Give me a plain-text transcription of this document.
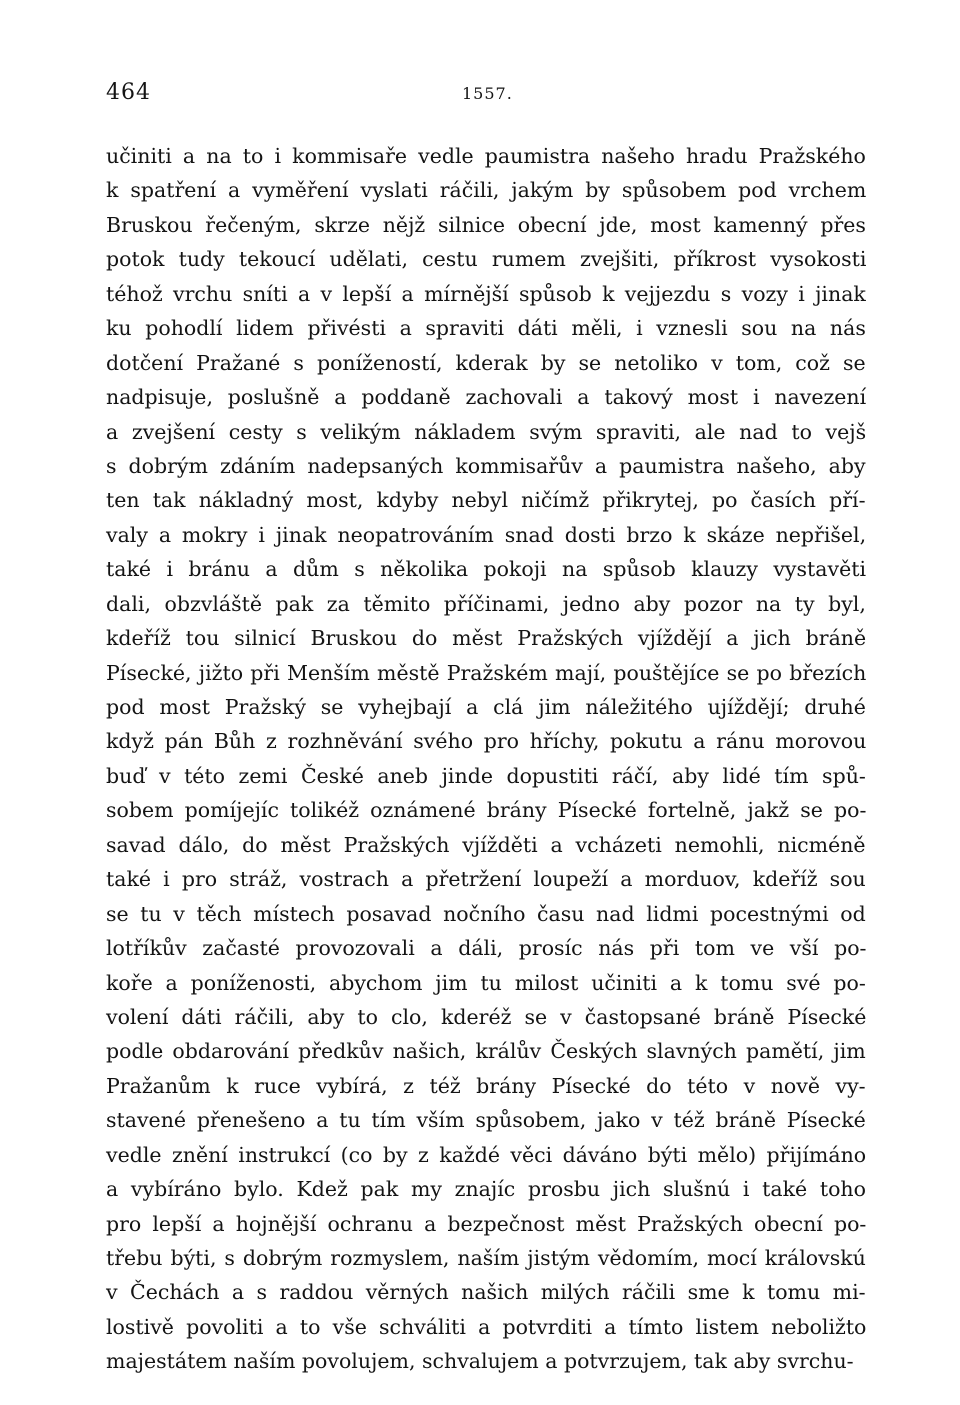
464	1557.
učiniti a na to i kommisaře vedle paumistra našeho hradu Pražského
k spatření a vyměření vyslati ráčili, jakým by spůsobem pod vrchem
Bruskou řečeným, skrze nějž silnice obecní jde, most kamenný přes
potok tudy tekoucí udělati, cestu rumem zvejšiti, příkrost vysokosti
téhož vrchu sníti a v lepší a mírnější spůsob k vejjezdu s vozy i jinak
ku pohodlí lidem přivésti a spraviti dáti měli, i vznesli sou na nás
dotčení Pražané s ponížeností, kderak by se netoliko v tom, což se
nadpisuje, poslušně a poddaně zachovali a takový most i navezení
a zvejšení cesty s velikým nákladem svým spraviti, ale nad to vejš
s dobrým zdáním nadepsaných kommisařův a paumistra našeho, aby
ten tak nákladný most, kdyby nebyl ničímž přikrytej, po časích pří-
valy a mokry i jinak neopatrováním snad dosti brzo k skáze nepřišel,
také i bránu a dům s několika pokoji na spůsob klauzy vystavěti
dali, obzvláště pak za těmito příčinami, jedno aby pozor na ty byl,
kdeříž tou silnicí Bruskou do měst Pražských vjíždějí a jich bráně
Písecké, jižto při Menším městě Pražském mají, pouštějíce se po březích
pod most Pražský se vyhejbají a clá jim náležitého ujíždějí; druhé
když pán Bůh z rozhněvání svého pro hříchy, pokutu a ránu morovou
buď v této zemi České aneb jinde dopustiti ráčí, aby lidé tím spů-
sobem pomíjejíc tolikéž oznámené brány Písecké fortelně, jakž se po-
savad dálo, do měst Pražských vjížděti a vcházeti nemohli, nicméně
také i pro stráž, vostrach a přetržení loupeží a morduov, kdeříž sou
se tu v těch místech posavad nočního času nad lidmi pocestnými od
lotříkův začasté provozovali a dáli, prosíc nás při tom ve vší po-
koře a poníženosti, abychom jim tu milost učiniti a k tomu své po-
volení dáti ráčili, aby to clo, kderéž se v častopsané bráně Písecké
podle obdarování předkův našich, králův Českých slavných pamětí, jim
Pražanům k ruce vybírá, z též brány Písecké do této v nově vy-
stavené přenešeno a tu tím vším spůsobem, jako v též bráně Písecké
vedle znění instrukcí (co by z každé věci dáváno býti mělo) přijímáno
a vybíráno bylo. Kdež pak my znajíc prosbu jich slušnú i také toho
pro lepší a hojnější ochranu a bezpečnost měst Pražských obecní po-
třebu býti, s dobrým rozmyslem, naším jistým vědomím, mocí královskú
v Čechách a s raddou věrných našich milých ráčili sme k tomu mi-
lostivě povoliti a to vše schváliti a potvrditi a tímto listem neboližto
majestátem naším povolujem, schvalujem a potvrzujem, tak aby svrchu-
